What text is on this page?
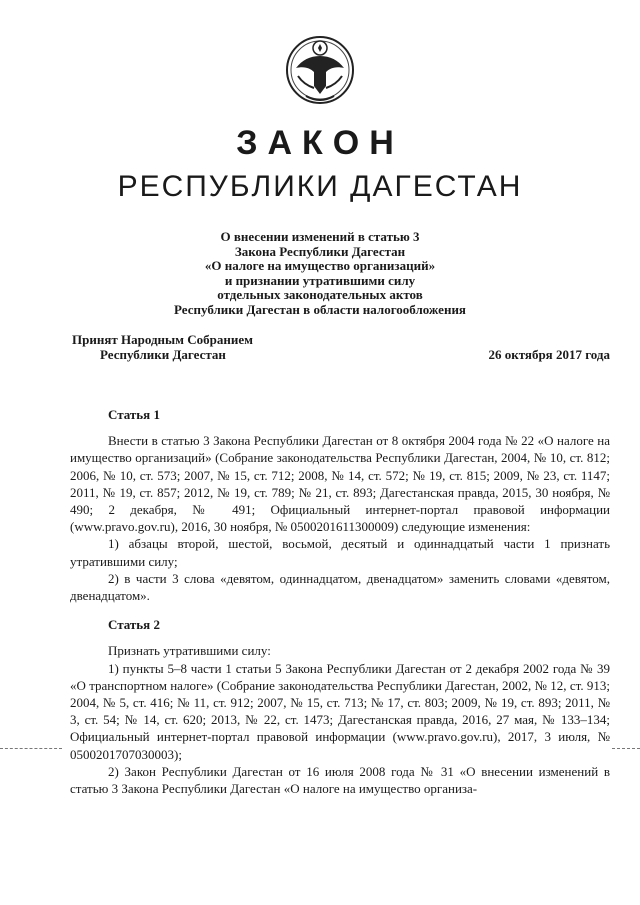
ЗАКОН
РЕСПУБЛИКИ ДАГЕСТАН
О внесении изменений в статью 3
Закона Республики Дагестан
«О налоге на имущество организаций»
и признании утратившими силу
отдельных законодательных актов
Республики Дагестан в области налогообложения
Принят Народным Собранием
Республики Дагестан	26 октября 2017 года
Статья 1

Внести в статью 3 Закона Республики Дагестан от 8 октября 2004 года № 22 «О налоге на имущество организаций» (Собрание законодательства Республики Дагестан, 2004, № 10, ст. 812; 2006, № 10, ст. 573; 2007, № 15, ст. 712; 2008, № 14, ст. 572; № 19, ст. 815; 2009, № 23, ст. 1147; 2011, № 19, ст. 857; 2012, № 19, ст. 789; № 21, ст. 893; Дагестанская правда, 2015, 30 ноября, № 490; 2 декабря, № 491; Официальный интернет-портал правовой информации (www.pravo.gov.ru), 2016, 30 ноября, № 0500201611300009) следующие изменения:

1) абзацы второй, шестой, восьмой, десятый и одиннадцатый части 1 признать утратившими силу;

2) в части 3 слова «девятом, одиннадцатом, двенадцатом» заменить словами «девятом, двенадцатом».

Статья 2

Признать утратившими силу:

1) пункты 5–8 части 1 статьи 5 Закона Республики Дагестан от 2 декабря 2002 года № 39 «О транспортном налоге» (Собрание законодательства Республики Дагестан, 2002, № 12, ст. 913; 2004, № 5, ст. 416; № 11, ст. 912; 2007, № 15, ст. 713; № 17, ст. 803; 2009, № 19, ст. 893; 2011, № 3, ст. 54; № 14, ст. 620; 2013, № 22, ст. 1473; Дагестанская правда, 2016, 27 мая, № 133–134; Официальный интернет-портал правовой информации (www.pravo.gov.ru), 2017, 3 июля, № 0500201707030003);

2) Закон Республики Дагестан от 16 июля 2008 года № 31 «О внесении изменений в статью 3 Закона Республики Дагестан «О налоге на имущество организа-
